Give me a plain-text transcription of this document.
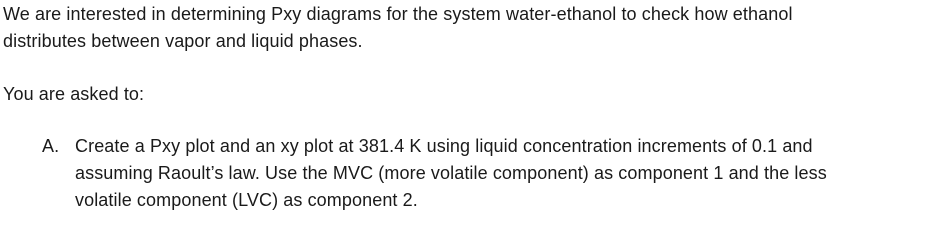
We are interested in determining Pxy diagrams for the system water-ethanol to check how ethanol
distributes between vapor and liquid phases.
You are asked to:
A. Create a Pxy plot and an xy plot at 381.4 K using liquid concentration increments of 0.1 and
assuming Raoult’s law. Use the MVC (more volatile component) as component 1 and the less
volatile component (LVC) as component 2.
